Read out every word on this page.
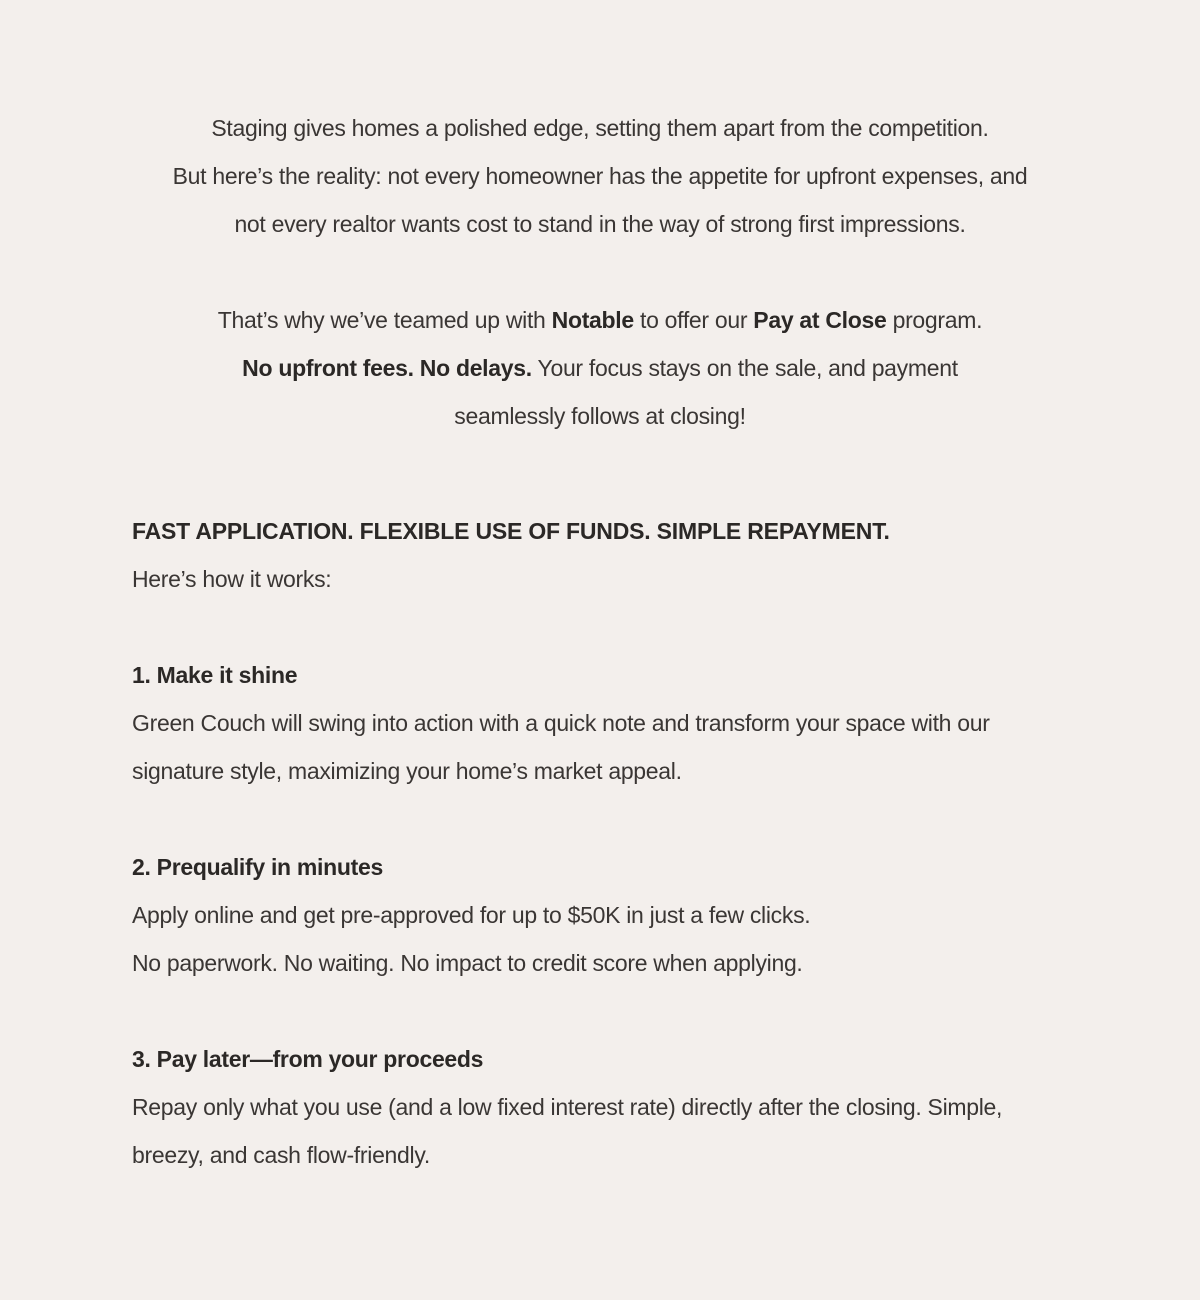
Staging gives homes a polished edge, setting them apart from the competition.

But here’s the reality: not every homeowner has the appetite for upfront expenses, and

not every realtor wants cost to stand in the way of strong first impressions.

That’s why we’ve teamed up with Notable to offer our Pay at Close program.

No upfront fees. No delays. Your focus stays on the sale, and payment

seamlessly follows at closing!

FAST APPLICATION. FLEXIBLE USE OF FUNDS. SIMPLE REPAYMENT.

Here’s how it works:

1. Make it shine

Green Couch will swing into action with a quick note and transform your space with our

signature style, maximizing your home’s market appeal.

2. Prequalify in minutes

Apply online and get pre-approved for up to $50K in just a few clicks.

No paperwork. No waiting. No impact to credit score when applying.

3. Pay later—from your proceeds

Repay only what you use (and a low fixed interest rate) directly after the closing. Simple,

breezy, and cash flow-friendly.
